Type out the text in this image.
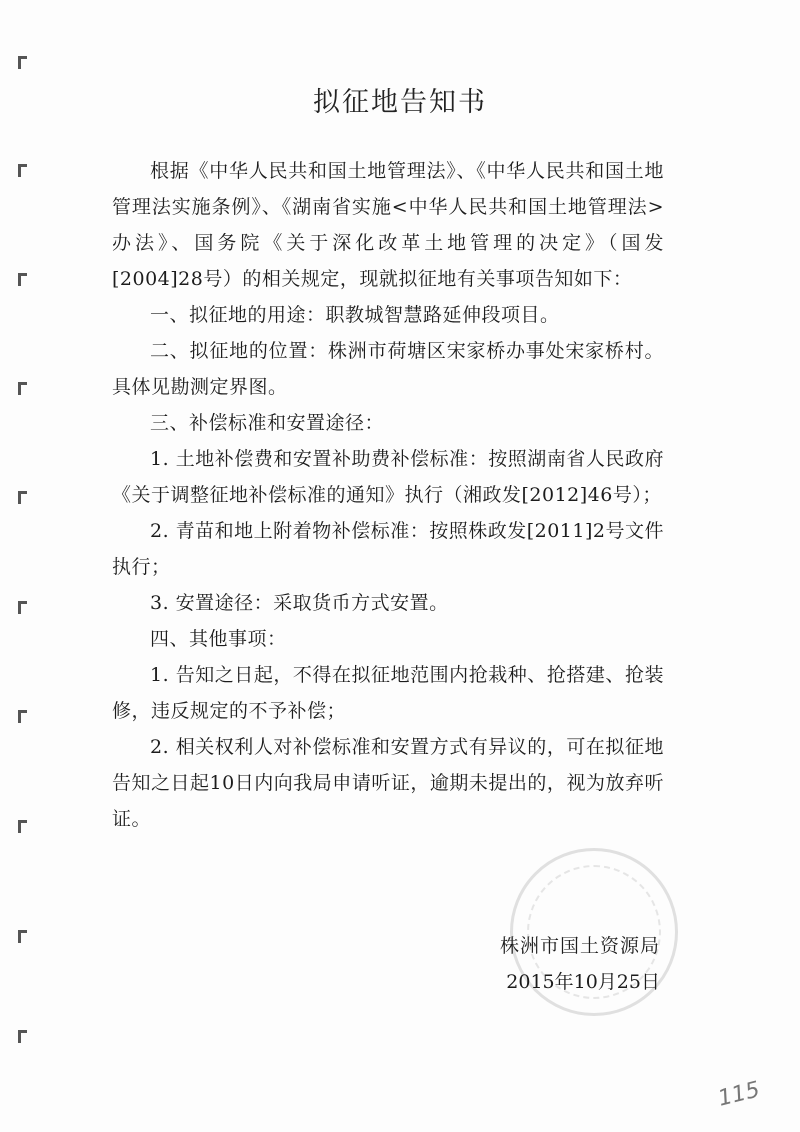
拟征地告知书

根据《中华人民共和国土地管理法》、《中华人民共和国土地管理法实施条例》、《湖南省实施<中华人民共和国土地管理法>办法》、国务院《关于深化改革土地管理的决定》（国发[2004]28号）的相关规定，现就拟征地有关事项告知如下：

一、拟征地的用途：职教城智慧路延伸段项目。

二、拟征地的位置：株洲市荷塘区宋家桥办事处宋家桥村。具体见勘测定界图。

三、补偿标准和安置途径：

1. 土地补偿费和安置补助费补偿标准：按照湖南省人民政府《关于调整征地补偿标准的通知》执行（湘政发[2012]46号）；

2. 青苗和地上附着物补偿标准：按照株政发[2011]2号文件执行；

3. 安置途径：采取货币方式安置。

四、其他事项：

1. 告知之日起，不得在拟征地范围内抢栽种、抢搭建、抢装修，违反规定的不予补偿；

2. 相关权利人对补偿标准和安置方式有异议的，可在拟征地告知之日起10日内向我局申请听证，逾期未提出的，视为放弃听证。

株洲市国土资源局
2015年10月25日
115
